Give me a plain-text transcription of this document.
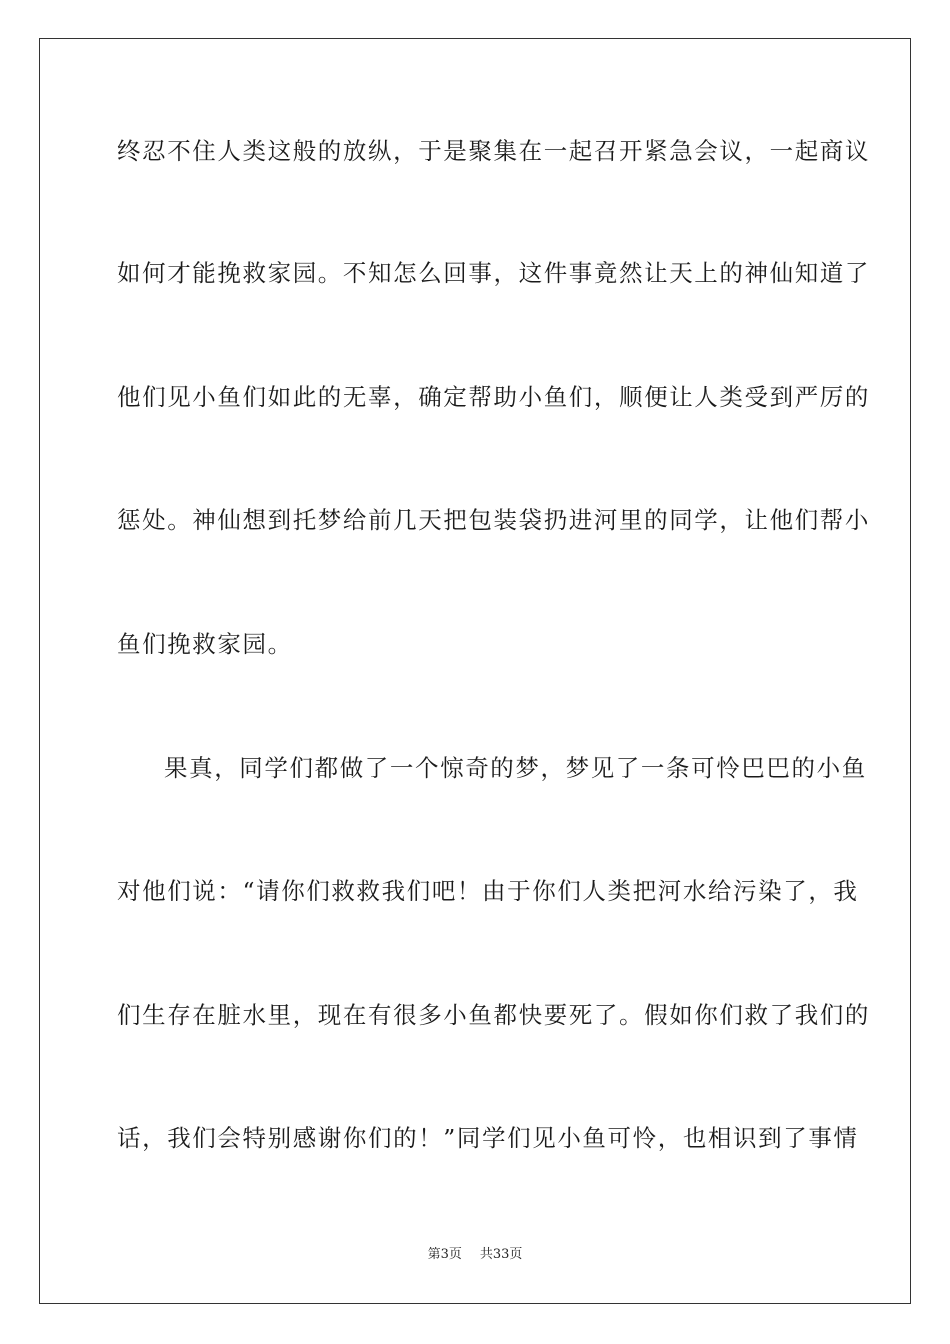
终忍不住人类这般的放纵，于是聚集在一起召开紧急会议，一起商议
如何才能挽救家园。不知怎么回事，这件事竟然让天上的神仙知道了
他们见小鱼们如此的无辜，确定帮助小鱼们，顺便让人类受到严厉的
惩处。神仙想到托梦给前几天把包装袋扔进河里的同学，让他们帮小
鱼们挽救家园。
果真，同学们都做了一个惊奇的梦，梦见了一条可怜巴巴的小鱼
对他们说：“请你们救救我们吧！由于你们人类把河水给污染了，我
们生存在脏水里，现在有很多小鱼都快要死了。假如你们救了我们的
话，我们会特别感谢你们的！”同学们见小鱼可怜，也相识到了事情
第3页 共33页
